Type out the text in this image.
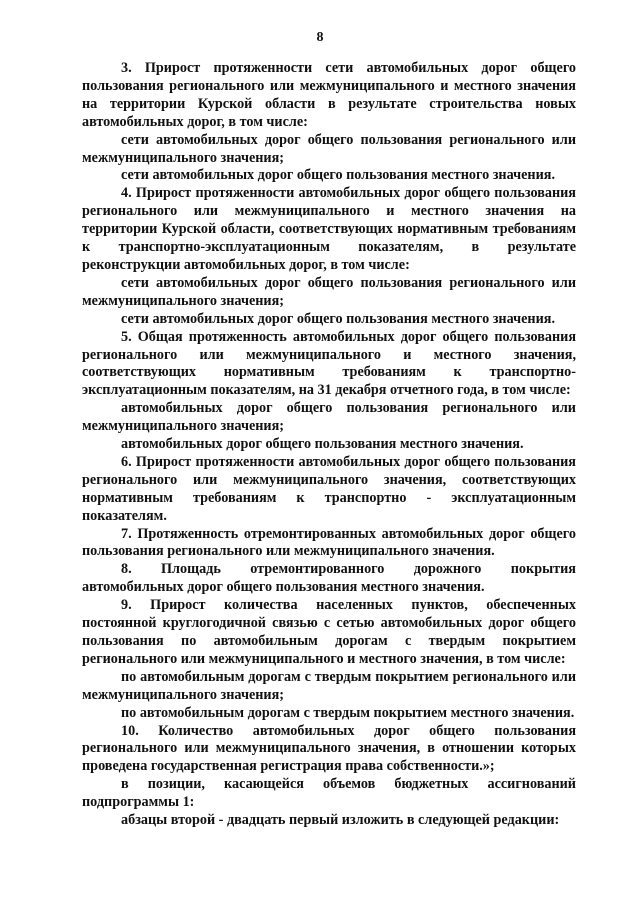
8

3. Прирост протяженности сети автомобильных дорог общего пользования регионального или межмуниципального и местного значения на территории Курской области в результате строительства новых автомобильных дорог, в том числе:

сети автомобильных дорог общего пользования регионального или межмуниципального значения;

сети автомобильных дорог общего пользования местного значения.

4. Прирост протяженности автомобильных дорог общего пользования регионального или межмуниципального и местного значения на территории Курской области, соответствующих нормативным требованиям к транспортно-эксплуатационным показателям, в результате реконструкции автомобильных дорог, в том числе:

сети автомобильных дорог общего пользования регионального или межмуниципального значения;

сети автомобильных дорог общего пользования местного значения.

5. Общая протяженность автомобильных дорог общего пользования регионального или межмуниципального и местного значения, соответствующих нормативным требованиям к транспортно-эксплуатационным показателям, на 31 декабря отчетного года, в том числе:

автомобильных дорог общего пользования регионального или межмуниципального значения;

автомобильных дорог общего пользования местного значения.

6. Прирост протяженности автомобильных дорог общего пользования регионального или межмуниципального значения, соответствующих нормативным требованиям к транспортно - эксплуатационным показателям.

7. Протяженность отремонтированных автомобильных дорог общего пользования регионального или межмуниципального значения.

8. Площадь отремонтированного дорожного покрытия автомобильных дорог общего пользования местного значения.

9. Прирост количества населенных пунктов, обеспеченных постоянной круглогодичной связью с сетью автомобильных дорог общего пользования по автомобильным дорогам с твердым покрытием регионального или межмуниципального и местного значения, в том числе:

по автомобильным дорогам с твердым покрытием регионального или межмуниципального значения;

по автомобильным дорогам с твердым покрытием местного значения.

10. Количество автомобильных дорог общего пользования регионального или межмуниципального значения, в отношении которых проведена государственная регистрация права собственности.»;

в позиции, касающейся объемов бюджетных ассигнований подпрограммы 1:

абзацы второй - двадцать первый изложить в следующей редакции:
